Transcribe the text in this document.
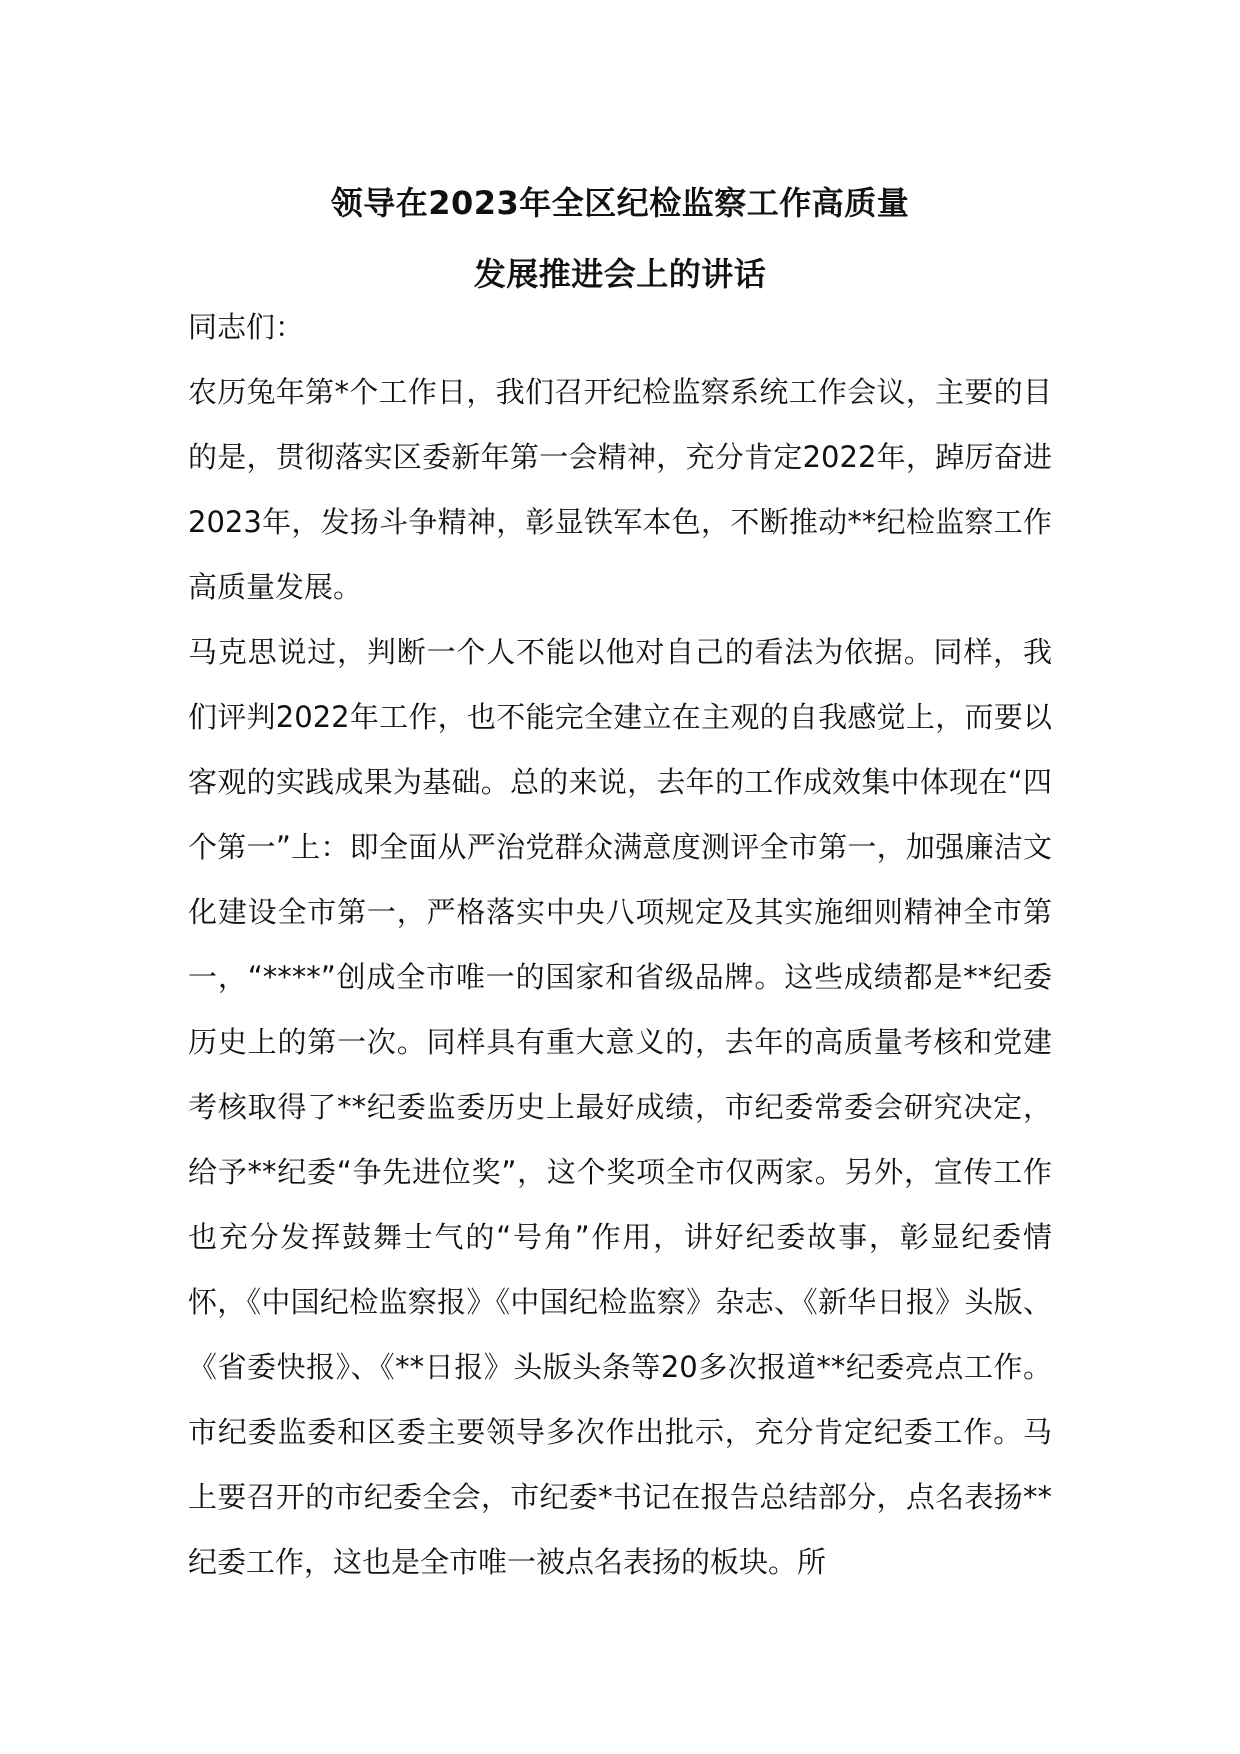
领导在2023年全区纪检监察工作高质量
发展推进会上的讲话

同志们：

农历兔年第*个工作日，我们召开纪检监察系统工作会议，主要的目的是，贯彻落实区委新年第一会精神，充分肯定2022年，踔厉奋进2023年，发扬斗争精神，彰显铁军本色，不断推动**纪检监察工作高质量发展。

马克思说过，判断一个人不能以他对自己的看法为依据。同样，我们评判2022年工作，也不能完全建立在主观的自我感觉上，而要以客观的实践成果为基础。总的来说，去年的工作成效集中体现在“四个第一”上：即全面从严治党群众满意度测评全市第一，加强廉洁文化建设全市第一，严格落实中央八项规定及其实施细则精神全市第一，“****”创成全市唯一的国家和省级品牌。这些成绩都是**纪委历史上的第一次。同样具有重大意义的，去年的高质量考核和党建考核取得了**纪委监委历史上最好成绩，市纪委常委会研究决定，给予**纪委“争先进位奖”，这个奖项全市仅两家。另外，宣传工作也充分发挥鼓舞士气的“号角”作用，讲好纪委故事，彰显纪委情怀，《中国纪检监察报》《中国纪检监察》杂志、《新华日报》头版、《省委快报》、《**日报》头版头条等20多次报道**纪委亮点工作。市纪委监委和区委主要领导多次作出批示，充分肯定纪委工作。马上要召开的市纪委全会，市纪委*书记在报告总结部分，点名表扬**纪委工作，这也是全市唯一被点名表扬的板块。所
